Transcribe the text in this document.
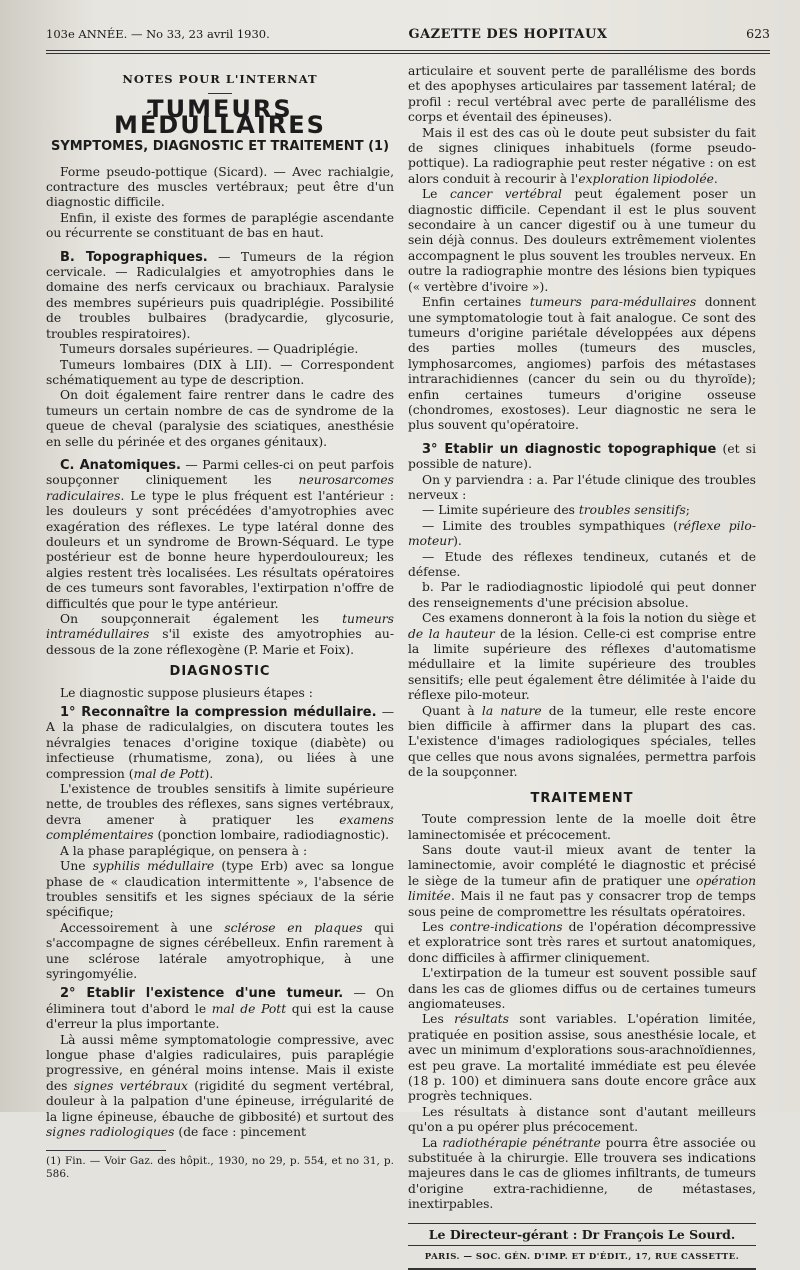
103e ANNÉE. — No 33, 23 avril 1930.	GAZETTE DES HOPITAUX	623
NOTES POUR L'INTERNAT
TUMEURS MÉDULLAIRES
SYMPTOMES, DIAGNOSTIC ET TRAITEMENT (1)

Forme pseudo-pottique (Sicard). — Avec rachialgie, contracture des muscles vertébraux; peut être d'un diagnostic difficile.

Enfin, il existe des formes de paraplégie ascendante ou récurrente se constituant de bas en haut.

B. Topographiques. — Tumeurs de la région cervicale. — Radiculalgies et amyotrophies dans le domaine des nerfs cervicaux ou brachiaux. Paralysie des membres supérieurs puis quadriplégie. Possibilité de troubles bulbaires (bradycardie, glycosurie, troubles respiratoires).

Tumeurs dorsales supérieures. — Quadriplégie.

Tumeurs lombaires (DIX à LII). — Correspondent schématiquement au type de description.

On doit également faire rentrer dans le cadre des tumeurs un certain nombre de cas de syndrome de la queue de cheval (paralysie des sciatiques, anesthésie en selle du périnée et des organes génitaux).

C. Anatomiques. — Parmi celles-ci on peut parfois soupçonner cliniquement les neurosarcomes radiculaires. Le type le plus fréquent est l'antérieur : les douleurs y sont précédées d'amyotrophies avec exagération des réflexes. Le type latéral donne des douleurs et un syndrome de Brown-Séquard. Le type postérieur est de bonne heure hyperdouloureux; les algies restent très localisées. Les résultats opératoires de ces tumeurs sont favorables, l'extirpation n'offre de difficultés que pour le type antérieur.

On soupçonnerait également les tumeurs intramédullaires s'il existe des amyotrophies au-dessous de la zone réflexogène (P. Marie et Foix).

DIAGNOSTIC

Le diagnostic suppose plusieurs étapes :

1° Reconnaître la compression médullaire. — A la phase de radiculalgies, on discutera toutes les névralgies tenaces d'origine toxique (diabète) ou infectieuse (rhumatisme, zona), ou liées à une compression (mal de Pott).

L'existence de troubles sensitifs à limite supérieure nette, de troubles des réflexes, sans signes vertébraux, devra amener à pratiquer les examens complémentaires (ponction lombaire, radiodiagnostic).

A la phase paraplégique, on pensera à :

Une syphilis médullaire (type Erb) avec sa longue phase de « claudication intermittente », l'absence de troubles sensitifs et les signes spéciaux de la série spécifique;

Accessoirement à une sclérose en plaques qui s'accompagne de signes cérébelleux. Enfin rarement à une sclérose latérale amyotrophique, à une syringomyélie.

2° Etablir l'existence d'une tumeur. — On éliminera tout d'abord le mal de Pott qui est la cause d'erreur la plus importante.

Là aussi même symptomatologie compressive, avec longue phase d'algies radiculaires, puis paraplégie progressive, en général moins intense. Mais il existe des signes vertébraux (rigidité du segment vertébral, douleur à la palpation d'une épineuse, irrégularité de la ligne épineuse, ébauche de gibbosité) et surtout des signes radiologiques (de face : pincement

(1) Fin. — Voir Gaz. des hôpit., 1930, no 29, p. 554, et no 31, p. 586.

articulaire et souvent perte de parallélisme des bords et des apophyses articulaires par tassement latéral; de profil : recul vertébral avec perte de parallélisme des corps et éventail des épineuses).

Mais il est des cas où le doute peut subsister du fait de signes cliniques inhabituels (forme pseudo-pottique). La radiographie peut rester négative : on est alors conduit à recourir à l'exploration lipiodolée.

Le cancer vertébral peut également poser un diagnostic difficile. Cependant il est le plus souvent secondaire à un cancer digestif ou à une tumeur du sein déjà connus. Des douleurs extrêmement violentes accompagnent le plus souvent les troubles nerveux. En outre la radiographie montre des lésions bien typiques (« vertèbre d'ivoire »).

Enfin certaines tumeurs para-médullaires donnent une symptomatologie tout à fait analogue. Ce sont des tumeurs d'origine pariétale développées aux dépens des parties molles (tumeurs des muscles, lymphosarcomes, angiomes) parfois des métastases intrarachidiennes (cancer du sein ou du thyroïde); enfin certaines tumeurs d'origine osseuse (chondromes, exostoses). Leur diagnostic ne sera le plus souvent qu'opératoire.

3° Etablir un diagnostic topographique (et si possible de nature).

On y parviendra : a. Par l'étude clinique des troubles nerveux :

— Limite supérieure des troubles sensitifs;

— Limite des troubles sympathiques (réflexe pilo-moteur).

— Etude des réflexes tendineux, cutanés et de défense.

b. Par le radiodiagnostic lipiodolé qui peut donner des renseignements d'une précision absolue.

Ces examens donneront à la fois la notion du siège et de la hauteur de la lésion. Celle-ci est comprise entre la limite supérieure des réflexes d'automatisme médullaire et la limite supérieure des troubles sensitifs; elle peut également être délimitée à l'aide du réflexe pilo-moteur.

Quant à la nature de la tumeur, elle reste encore bien difficile à affirmer dans la plupart des cas. L'existence d'images radiologiques spéciales, telles que celles que nous avons signalées, permettra parfois de la soupçonner.

TRAITEMENT

Toute compression lente de la moelle doit être laminectomisée et précocement.

Sans doute vaut-il mieux avant de tenter la laminectomie, avoir complété le diagnostic et précisé le siège de la tumeur afin de pratiquer une opération limitée. Mais il ne faut pas y consacrer trop de temps sous peine de compromettre les résultats opératoires.

Les contre-indications de l'opération décompressive et exploratrice sont très rares et surtout anatomiques, donc difficiles à affirmer cliniquement.

L'extirpation de la tumeur est souvent possible sauf dans les cas de gliomes diffus ou de certaines tumeurs angiomateuses.

Les résultats sont variables. L'opération limitée, pratiquée en position assise, sous anesthésie locale, et avec un minimum d'explorations sous-arachnoïdiennes, est peu grave. La mortalité immédiate est peu élevée (18 p. 100) et diminuera sans doute encore grâce aux progrès techniques.

Les résultats à distance sont d'autant meilleurs qu'on a pu opérer plus précocement.

La radiothérapie pénétrante pourra être associée ou substituée à la chirurgie. Elle trouvera ses indications majeures dans le cas de gliomes infiltrants, de tumeurs d'origine extra-rachidienne, de métastases, inextirpables.

Le Directeur-gérant : Dr François Le Sourd.
PARIS. — SOC. GÉN. D'IMP. ET D'ÉDIT., 17, RUE CASSETTE.
